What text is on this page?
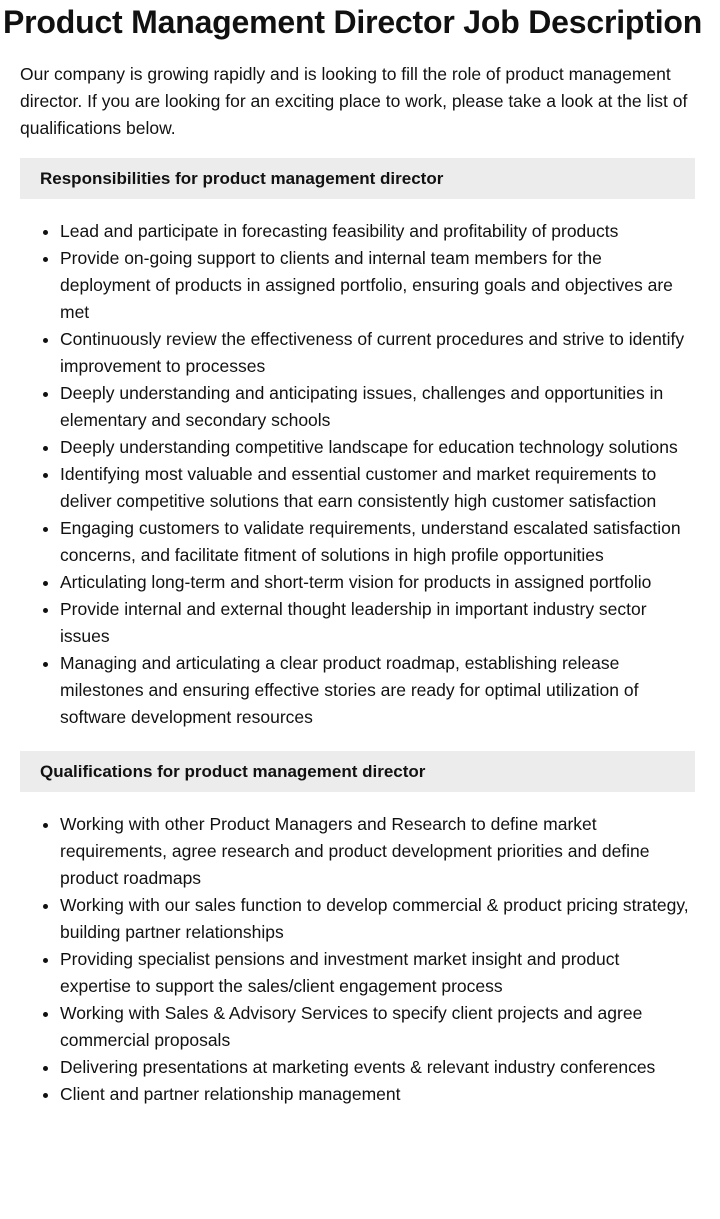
Product Management Director Job Description

Our company is growing rapidly and is looking to fill the role of product management director. If you are looking for an exciting place to work, please take a look at the list of qualifications below.

Responsibilities for product management director
• Lead and participate in forecasting feasibility and profitability of products
• Provide on-going support to clients and internal team members for the deployment of products in assigned portfolio, ensuring goals and objectives are met
• Continuously review the effectiveness of current procedures and strive to identify improvement to processes
• Deeply understanding and anticipating issues, challenges and opportunities in elementary and secondary schools
• Deeply understanding competitive landscape for education technology solutions
• Identifying most valuable and essential customer and market requirements to deliver competitive solutions that earn consistently high customer satisfaction
• Engaging customers to validate requirements, understand escalated satisfaction concerns, and facilitate fitment of solutions in high profile opportunities
• Articulating long-term and short-term vision for products in assigned portfolio
• Provide internal and external thought leadership in important industry sector issues
• Managing and articulating a clear product roadmap, establishing release milestones and ensuring effective stories are ready for optimal utilization of software development resources
Qualifications for product management director
• Working with other Product Managers and Research to define market requirements, agree research and product development priorities and define product roadmaps
• Working with our sales function to develop commercial & product pricing strategy, building partner relationships
• Providing specialist pensions and investment market insight and product expertise to support the sales/client engagement process
• Working with Sales & Advisory Services to specify client projects and agree commercial proposals
• Delivering presentations at marketing events & relevant industry conferences
• Client and partner relationship management
